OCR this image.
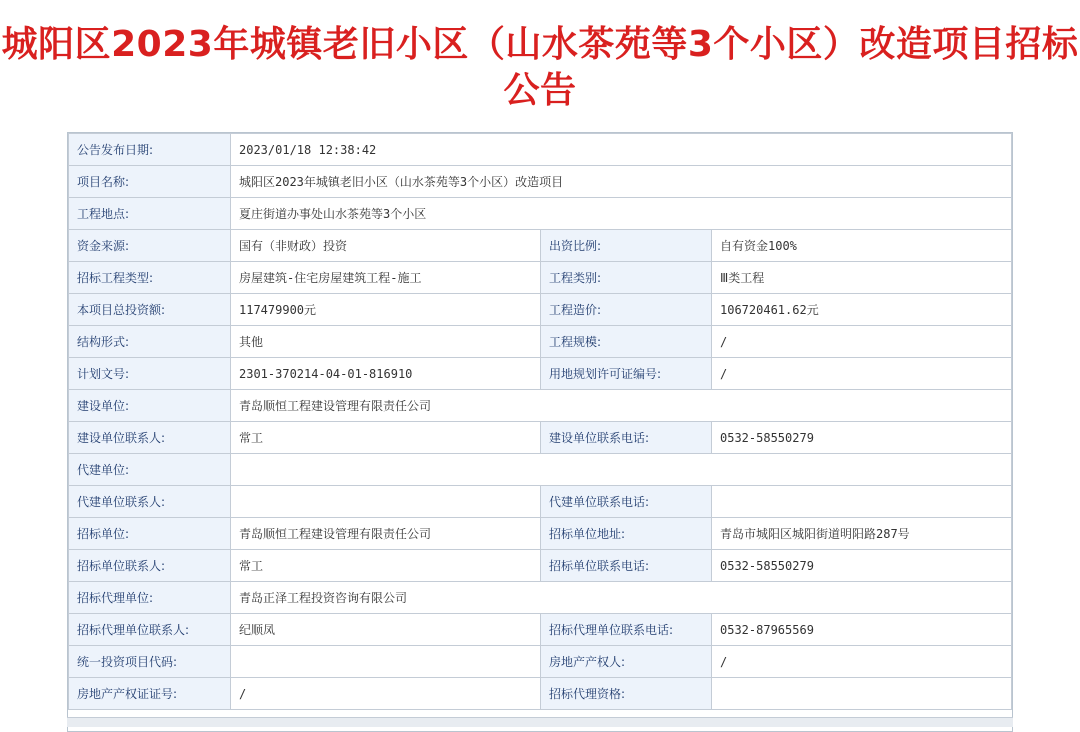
城阳区2023年城镇老旧小区（山水茶苑等3个小区）改造项目招标公告
公告发布日期:	2023/01/18 12:38:42		
项目名称:	城阳区2023年城镇老旧小区（山水茶苑等3个小区）改造项目		
工程地点:	夏庄街道办事处山水茶苑等3个小区		
资金来源:	国有（非财政）投资	出资比例:	自有资金100%
招标工程类型:	房屋建筑-住宅房屋建筑工程-施工	工程类别:	Ⅲ类工程
本项目总投资额:	117479900元	工程造价:	106720461.62元
结构形式:	其他	工程规模:	/
计划文号:	2301-370214-04-01-816910	用地规划许可证编号:	/
建设单位:	青岛顺恒工程建设管理有限责任公司		
建设单位联系人:	常工	建设单位联系电话:	0532-58550279
代建单位:			
代建单位联系人:		代建单位联系电话:	
招标单位:	青岛顺恒工程建设管理有限责任公司	招标单位地址:	青岛市城阳区城阳街道明阳路287号
招标单位联系人:	常工	招标单位联系电话:	0532-58550279
招标代理单位:	青岛正泽工程投资咨询有限公司		
招标代理单位联系人:	纪顺凤	招标代理单位联系电话:	0532-87965569
统一投资项目代码:		房地产产权人:	/
房地产产权证证号:	/	招标代理资格:	
